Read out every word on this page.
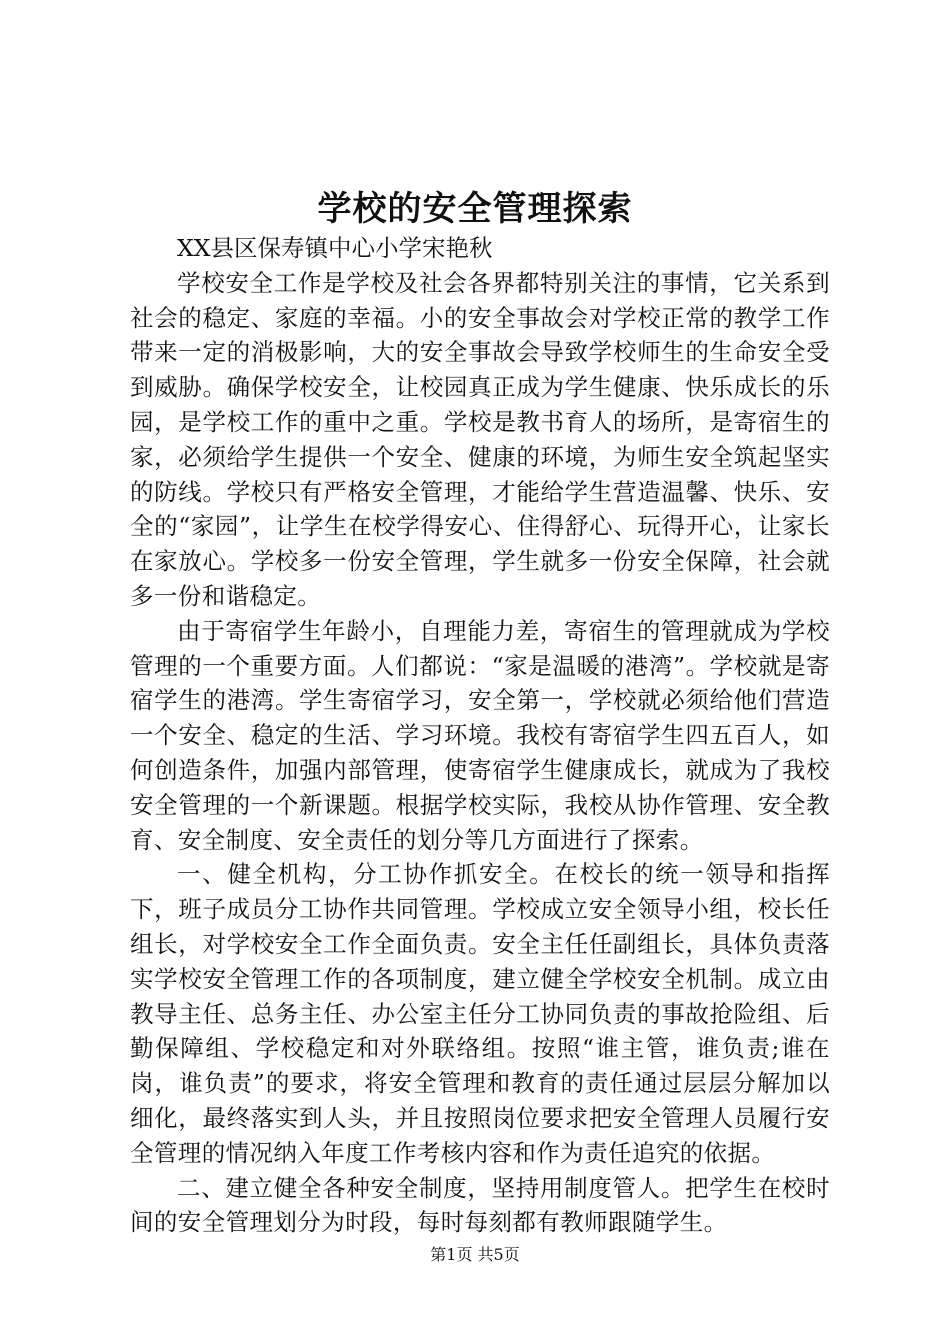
学校的安全管理探索

XX县区保寿镇中心小学宋艳秋

学校安全工作是学校及社会各界都特别关注的事情，它关系到社会的稳定、家庭的幸福。小的安全事故会对学校正常的教学工作带来一定的消极影响，大的安全事故会导致学校师生的生命安全受到威胁。确保学校安全，让校园真正成为学生健康、快乐成长的乐园，是学校工作的重中之重。学校是教书育人的场所，是寄宿生的家，必须给学生提供一个安全、健康的环境，为师生安全筑起坚实的防线。学校只有严格安全管理，才能给学生营造温馨、快乐、安全的“家园”，让学生在校学得安心、住得舒心、玩得开心，让家长在家放心。学校多一份安全管理，学生就多一份安全保障，社会就多一份和谐稳定。

由于寄宿学生年龄小，自理能力差，寄宿生的管理就成为学校管理的一个重要方面。人们都说：“家是温暖的港湾”。学校就是寄宿学生的港湾。学生寄宿学习，安全第一，学校就必须给他们营造一个安全、稳定的生活、学习环境。我校有寄宿学生四五百人，如何创造条件，加强内部管理，使寄宿学生健康成长，就成为了我校安全管理的一个新课题。根据学校实际，我校从协作管理、安全教育、安全制度、安全责任的划分等几方面进行了探索。

一、健全机构，分工协作抓安全。在校长的统一领导和指挥下，班子成员分工协作共同管理。学校成立安全领导小组，校长任组长，对学校安全工作全面负责。安全主任任副组长，具体负责落实学校安全管理工作的各项制度，建立健全学校安全机制。成立由教导主任、总务主任、办公室主任分工协同负责的事故抢险组、后勤保障组、学校稳定和对外联络组。按照“谁主管，谁负责;谁在岗，谁负责”的要求，将安全管理和教育的责任通过层层分解加以细化，最终落实到人头，并且按照岗位要求把安全管理人员履行安全管理的情况纳入年度工作考核内容和作为责任追究的依据。

二、建立健全各种安全制度，坚持用制度管人。把学生在校时间的安全管理划分为时段，每时每刻都有教师跟随学生。

第1页 共5页
